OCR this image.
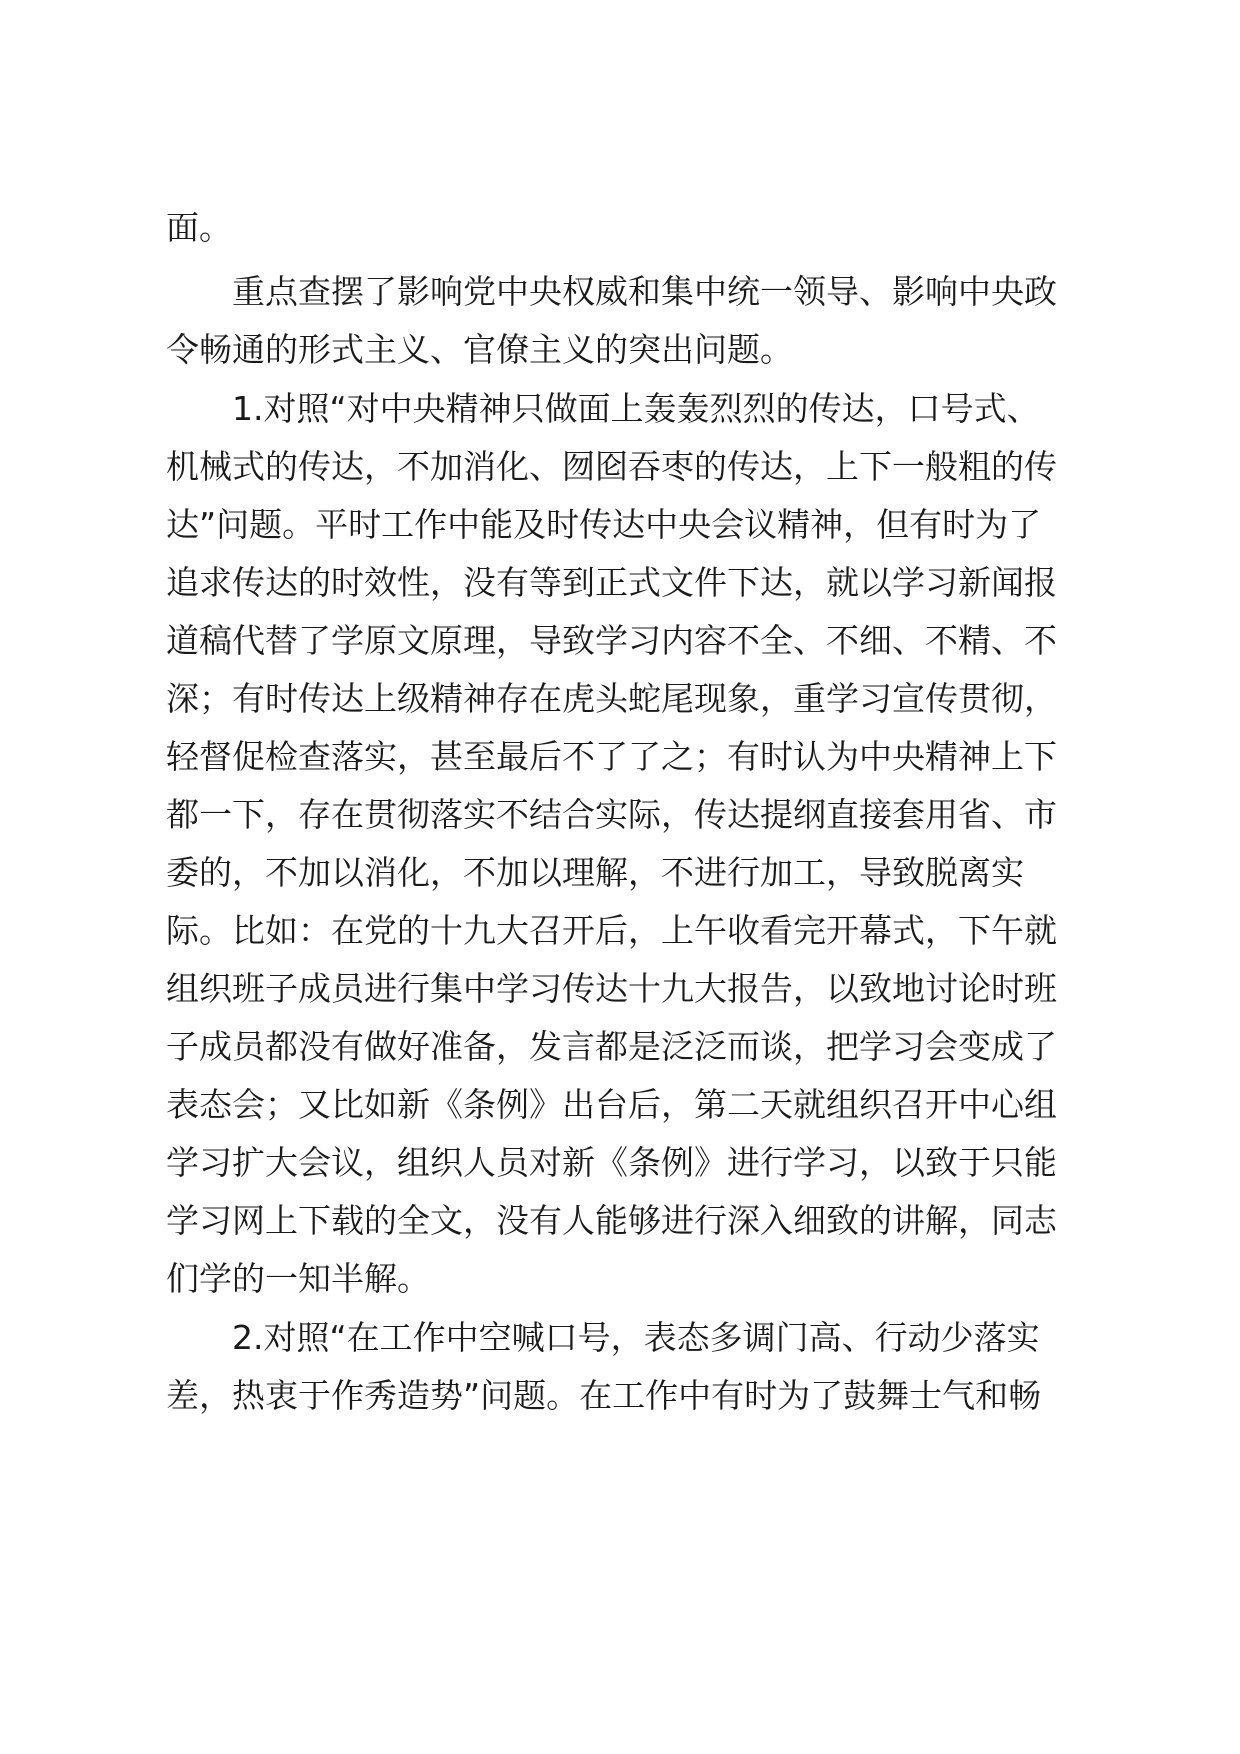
面。
重点查摆了影响党中央权威和集中统一领导、影响中央政
令畅通的形式主义、官僚主义的突出问题。
1.对照“对中央精神只做面上轰轰烈烈的传达，口号式、
机械式的传达，不加消化、囫囵吞枣的传达，上下一般粗的传
达”问题。平时工作中能及时传达中央会议精神，但有时为了
追求传达的时效性，没有等到正式文件下达，就以学习新闻报
道稿代替了学原文原理，导致学习内容不全、不细、不精、不
深；有时传达上级精神存在虎头蛇尾现象，重学习宣传贯彻，
轻督促检查落实，甚至最后不了了之；有时认为中央精神上下
都一下，存在贯彻落实不结合实际，传达提纲直接套用省、市
委的，不加以消化，不加以理解，不进行加工，导致脱离实
际。比如：在党的十九大召开后，上午收看完开幕式，下午就
组织班子成员进行集中学习传达十九大报告，以致地讨论时班
子成员都没有做好准备，发言都是泛泛而谈，把学习会变成了
表态会；又比如新《条例》出台后，第二天就组织召开中心组
学习扩大会议，组织人员对新《条例》进行学习，以致于只能
学习网上下载的全文，没有人能够进行深入细致的讲解，同志
们学的一知半解。
2.对照“在工作中空喊口号，表态多调门高、行动少落实
差，热衷于作秀造势”问题。在工作中有时为了鼓舞士气和畅
